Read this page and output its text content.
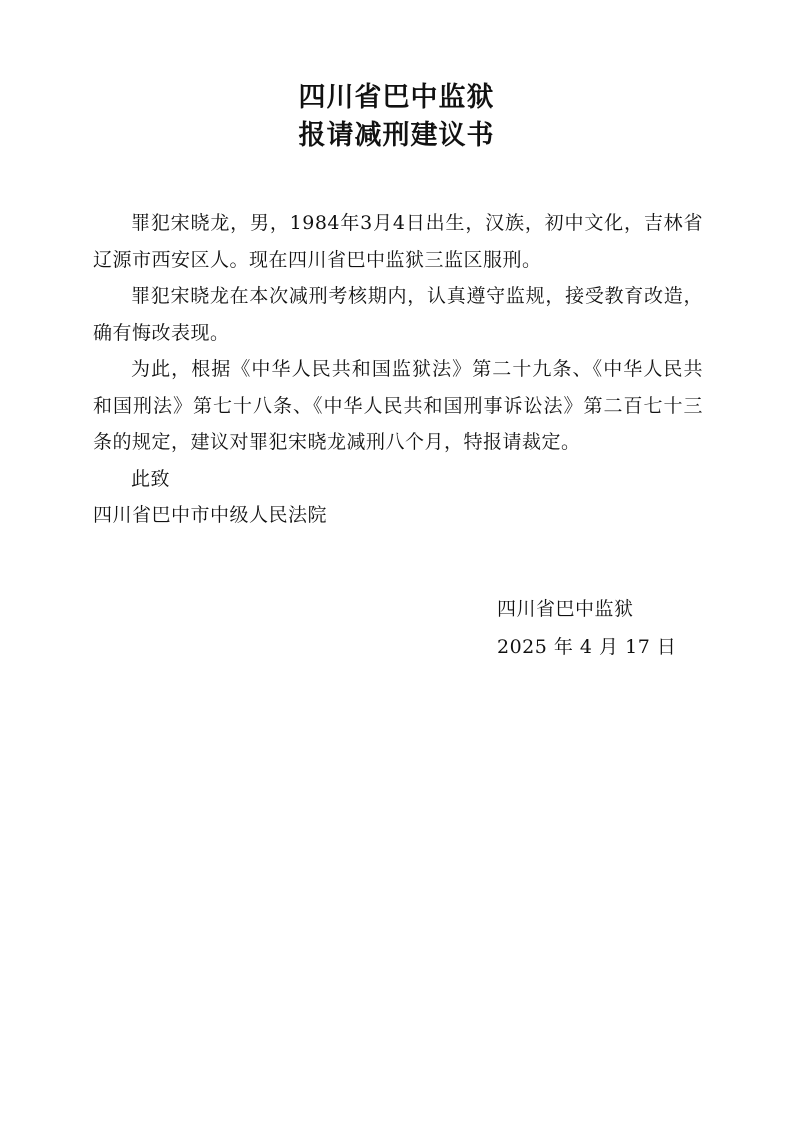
四川省巴中监狱
报请减刑建议书

罪犯宋晓龙，男，1984年3月4日出生，汉族，初中文化，吉林省辽源市西安区人。现在四川省巴中监狱三监区服刑。

罪犯宋晓龙在本次减刑考核期内，认真遵守监规，接受教育改造，确有悔改表现。

为此，根据《中华人民共和国监狱法》第二十九条、《中华人民共和国刑法》第七十八条、《中华人民共和国刑事诉讼法》第二百七十三条的规定，建议对罪犯宋晓龙减刑八个月，特报请裁定。

此致

四川省巴中市中级人民法院

四川省巴中监狱
2025 年 4 月 17 日
